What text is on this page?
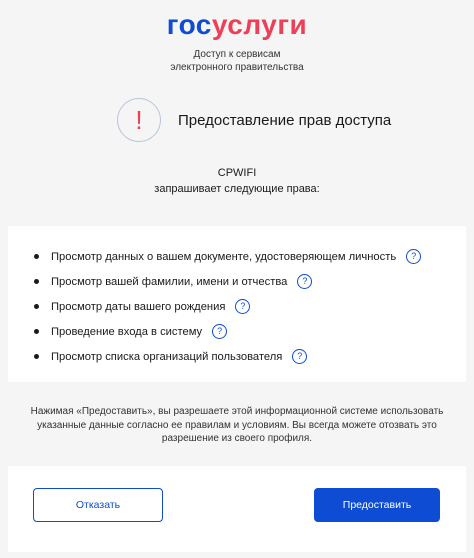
госуслуги
Доступ к сервисам
электронного правительства
! Предоставление прав доступа
CPWIFI
запрашивает следующие права:
Просмотр данных о вашем документе, удостоверяющем личность	?
Просмотр вашей фамилии, имени и отчества	?
Просмотр даты вашего рождения	?
Проведение входа в систему	?
Просмотр списка организаций пользователя	?
Нажимая «Предоставить», вы разрешаете этой информационной системе использовать указанные данные согласно ее правилам и условиям. Вы всегда можете отозвать это разрешение из своего профиля.
Отказать	Предоставить
